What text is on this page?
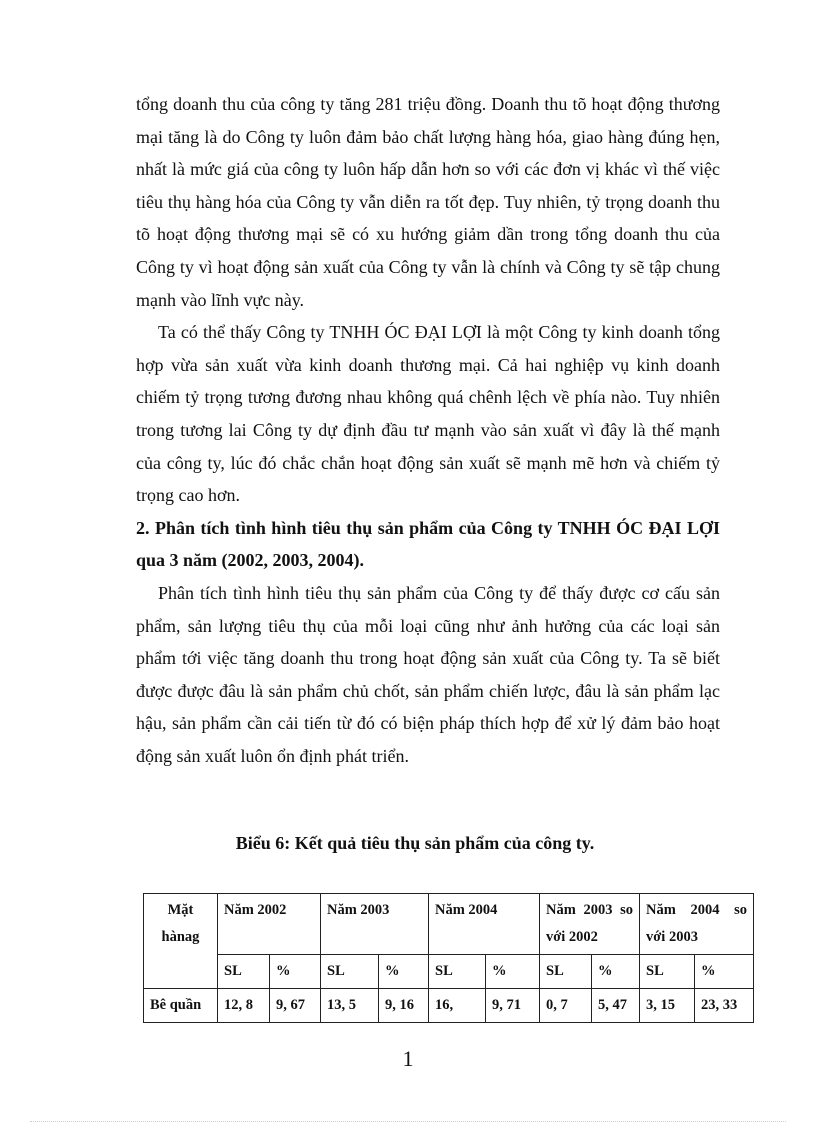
tổng doanh thu của công ty tăng 281 triệu đồng. Doanh thu tõ hoạt động thương mại tăng là do Công ty luôn đảm bảo chất lượng hàng hóa, giao hàng đúng hẹn, nhất là mức giá của công ty luôn hấp dẫn hơn so với các đơn vị khác vì thế việc tiêu thụ hàng hóa của Công ty vẫn diễn ra tốt đẹp. Tuy nhiên, tỷ trọng doanh thu tõ hoạt động thương mại sẽ có xu hướng giảm dần trong tổng doanh thu của Công ty vì hoạt động sản xuất của Công ty vẫn là chính và Công ty sẽ tập chung mạnh vào lĩnh vực này.

Ta có thể thấy Công ty TNHH ÓC ĐẠI LỢI là một Công ty kinh doanh tổng hợp vừa sản xuất vừa kinh doanh thương mại. Cả hai nghiệp vụ kinh doanh chiếm tỷ trọng tương đương nhau không quá chênh lệch về phía nào. Tuy nhiên trong tương lai Công ty dự định đầu tư mạnh vào sản xuất vì đây là thế mạnh của công ty, lúc đó chắc chắn hoạt động sản xuất sẽ mạnh mẽ hơn và chiếm tỷ trọng cao hơn.

2. Phân tích tình hình tiêu thụ sản phẩm của Công ty TNHH ÓC ĐẠI LỢI qua 3 năm (2002, 2003, 2004).

Phân tích tình hình tiêu thụ sản phẩm của Công ty để thấy được cơ cấu sản phẩm, sản lượng tiêu thụ của mỗi loại cũng như ảnh hưởng của các loại sản phẩm tới việc tăng doanh thu trong hoạt động sản xuất của Công ty. Ta sẽ biết được được đâu là sản phẩm chủ chốt, sản phẩm chiến lược, đâu là sản phẩm lạc hậu, sản phẩm cần cải tiến từ đó có biện pháp thích hợp để xử lý đảm bảo hoạt động sản xuất luôn ổn định phát triển.

Biểu 6: Kết quả tiêu thụ sản phẩm của công ty.
Mặt hànag	Năm 2002		Năm 2003		Năm 2004		Năm 2003 so với 2002		Năm 2004 so với 2003	
	SL	%	SL	%	SL	%	SL	%	SL	%
Bê quần	12, 8	9, 67	13, 5	9, 16	16,	9, 71	0, 7	5, 47	3, 15	23, 33
1
